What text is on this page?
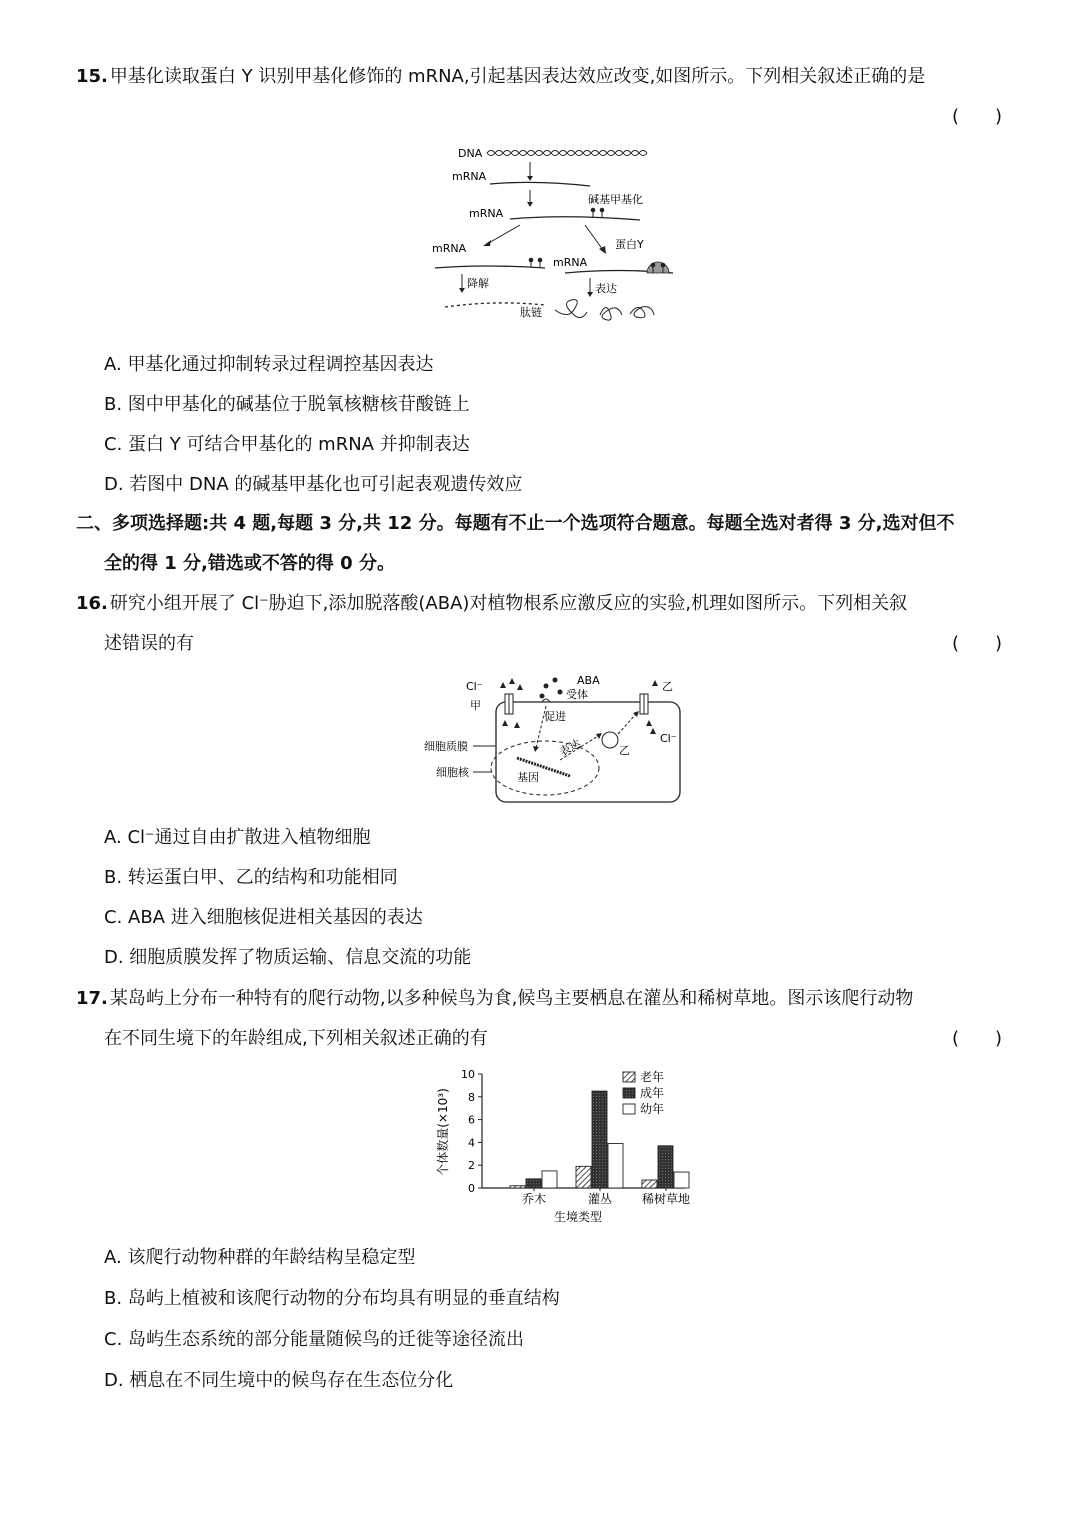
15. 甲基化读取蛋白 Y 识别甲基化修饰的 mRNA,引起基因表达效应改变,如图所示。下列相关叙述正确的是
(　　)
DNA
mRNA
mRNA
碱基甲基化
mRNA
降解
mRNA
蛋白Y
表达
肽链
A. 甲基化通过抑制转录过程调控基因表达
B. 图中甲基化的碱基位于脱氧核糖核苷酸链上
C. 蛋白 Y 可结合甲基化的 mRNA 并抑制表达
D. 若图中 DNA 的碱基甲基化也可引起表观遗传效应
二、多项选择题:共 4 题,每题 3 分,共 12 分。每题有不止一个选项符合题意。每题全选对者得 3 分,选对但不
全的得 1 分,错选或不答的得 0 分。
16. 研究小组开展了 Cl⁻胁迫下,添加脱落酸(ABA)对植物根系应激反应的实验,机理如图所示。下列相关叙
述错误的有	(　　)
基因
Cl⁻
甲
ABA
受体
促进
表达	乙
乙
Cl⁻
细胞质膜
细胞核
A. Cl⁻通过自由扩散进入植物细胞
B. 转运蛋白甲、乙的结构和功能相同
C. ABA 进入细胞核促进相关基因的表达
D. 细胞质膜发挥了物质运输、信息交流的功能
17. 某岛屿上分布一种特有的爬行动物,以多种候鸟为食,候鸟主要栖息在灌丛和稀树草地。图示该爬行动物
在不同生境下的年龄组成,下列相关叙述正确的有	(　　)
0
2
4
6
8
10
乔木	灌丛 稀树草地
老年
成年
幼年
生境类型
个体数量(×10³)
A. 该爬行动物种群的年龄结构呈稳定型
B. 岛屿上植被和该爬行动物的分布均具有明显的垂直结构
C. 岛屿生态系统的部分能量随候鸟的迁徙等途径流出
D. 栖息在不同生境中的候鸟存在生态位分化
